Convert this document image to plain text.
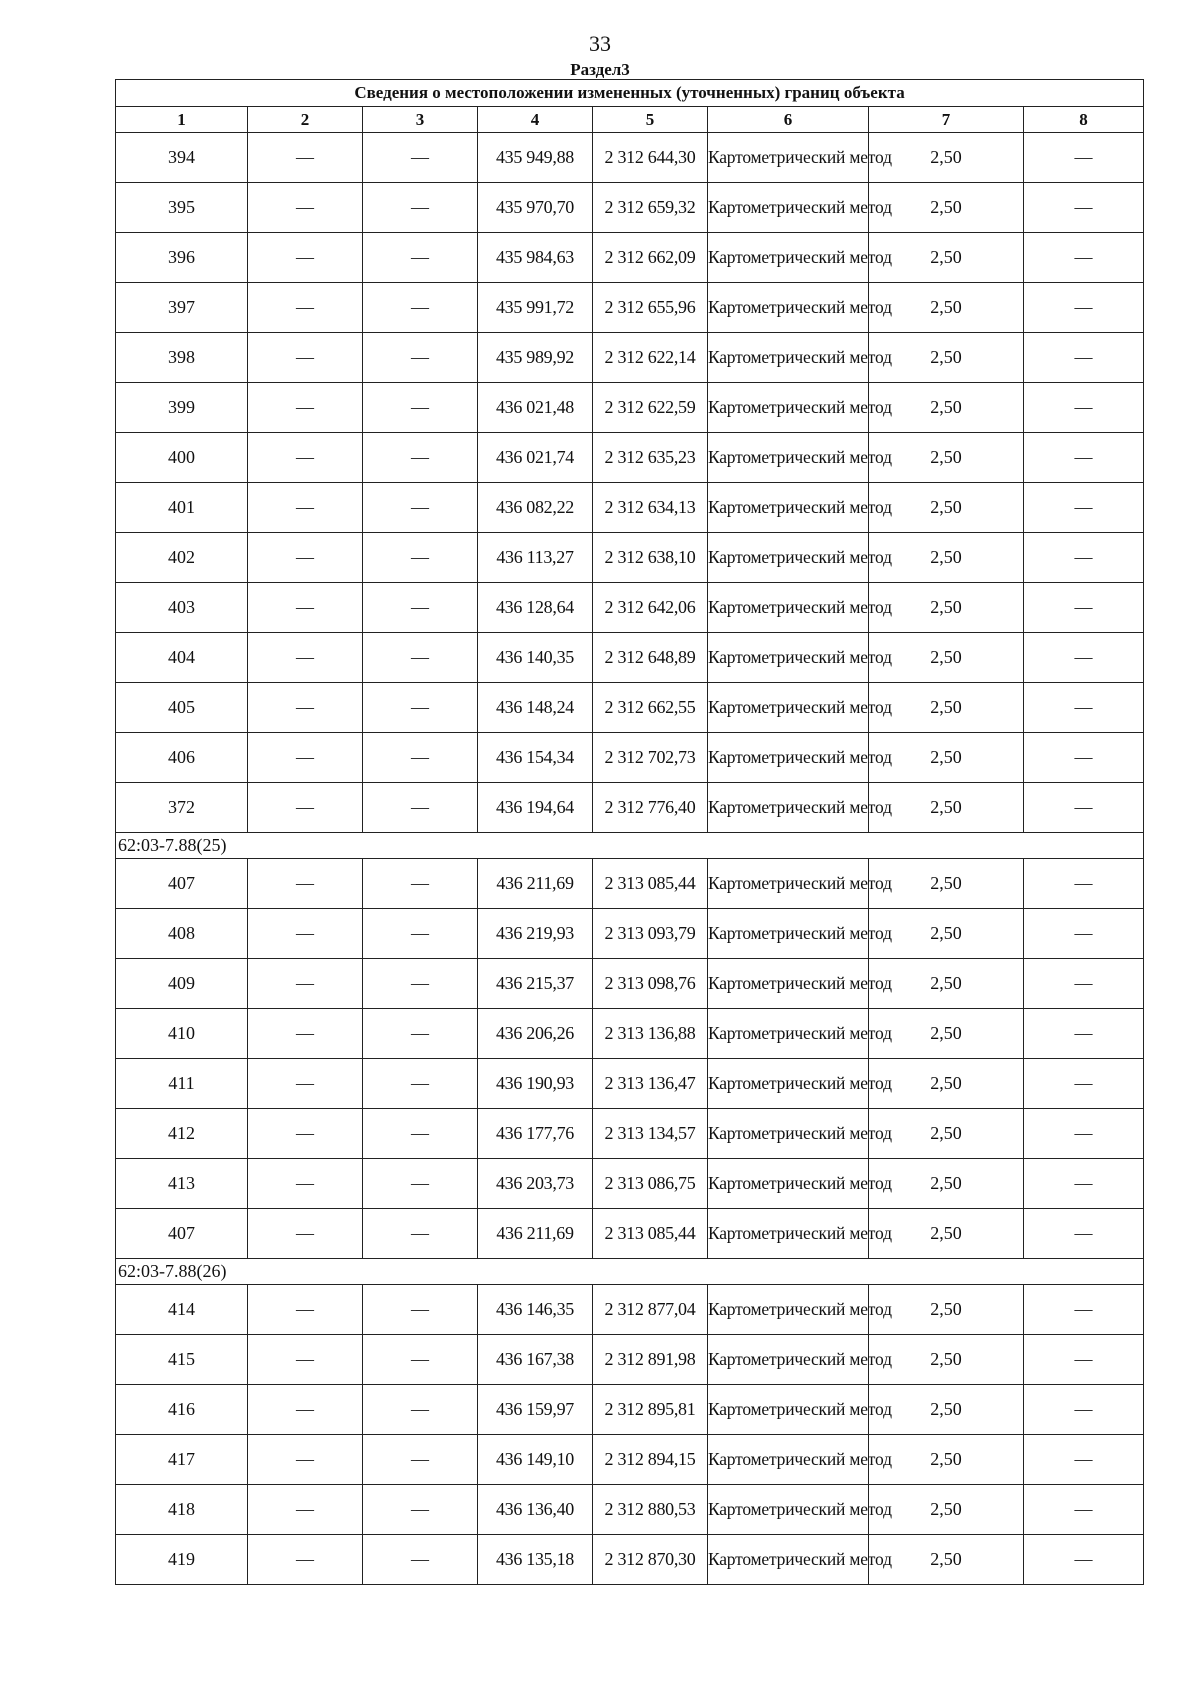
33
Раздел3
Сведения о местоположении измененных (уточненных) границ объекта							
1	2	3	4	5	6	7	8
394	—	—	435 949,88	2 312 644,30	Картометрический метод	2,50	—
395	—	—	435 970,70	2 312 659,32	Картометрический метод	2,50	—
396	—	—	435 984,63	2 312 662,09	Картометрический метод	2,50	—
397	—	—	435 991,72	2 312 655,96	Картометрический метод	2,50	—
398	—	—	435 989,92	2 312 622,14	Картометрический метод	2,50	—
399	—	—	436 021,48	2 312 622,59	Картометрический метод	2,50	—
400	—	—	436 021,74	2 312 635,23	Картометрический метод	2,50	—
401	—	—	436 082,22	2 312 634,13	Картометрический метод	2,50	—
402	—	—	436 113,27	2 312 638,10	Картометрический метод	2,50	—
403	—	—	436 128,64	2 312 642,06	Картометрический метод	2,50	—
404	—	—	436 140,35	2 312 648,89	Картометрический метод	2,50	—
405	—	—	436 148,24	2 312 662,55	Картометрический метод	2,50	—
406	—	—	436 154,34	2 312 702,73	Картометрический метод	2,50	—
372	—	—	436 194,64	2 312 776,40	Картометрический метод	2,50	—
62:03-7.88(25)							
407	—	—	436 211,69	2 313 085,44	Картометрический метод	2,50	—
408	—	—	436 219,93	2 313 093,79	Картометрический метод	2,50	—
409	—	—	436 215,37	2 313 098,76	Картометрический метод	2,50	—
410	—	—	436 206,26	2 313 136,88	Картометрический метод	2,50	—
411	—	—	436 190,93	2 313 136,47	Картометрический метод	2,50	—
412	—	—	436 177,76	2 313 134,57	Картометрический метод	2,50	—
413	—	—	436 203,73	2 313 086,75	Картометрический метод	2,50	—
407	—	—	436 211,69	2 313 085,44	Картометрический метод	2,50	—
62:03-7.88(26)							
414	—	—	436 146,35	2 312 877,04	Картометрический метод	2,50	—
415	—	—	436 167,38	2 312 891,98	Картометрический метод	2,50	—
416	—	—	436 159,97	2 312 895,81	Картометрический метод	2,50	—
417	—	—	436 149,10	2 312 894,15	Картометрический метод	2,50	—
418	—	—	436 136,40	2 312 880,53	Картометрический метод	2,50	—
419	—	—	436 135,18	2 312 870,30	Картометрический метод	2,50	—
